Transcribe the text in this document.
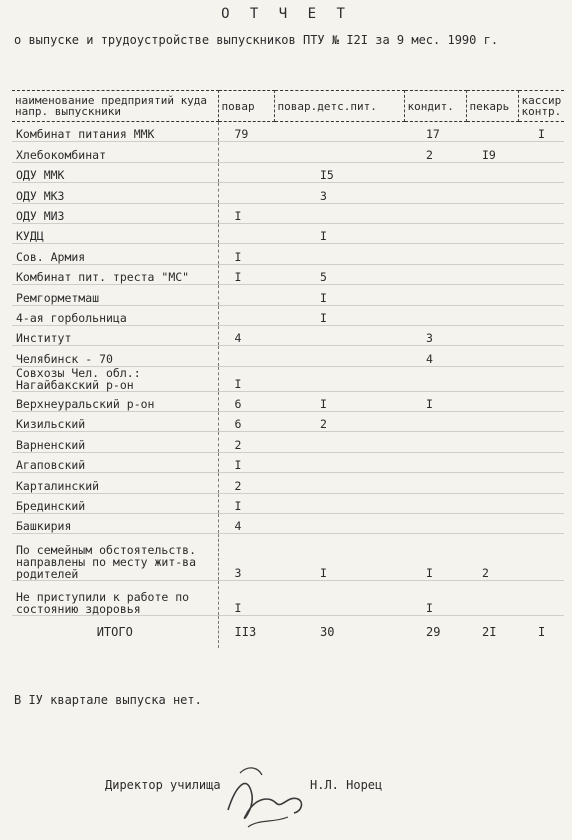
О Т Ч Е Т
о выпуске и трудоустройстве выпускников ПТУ № I2I за 9 мес. 1990 г.
наименование предприятий куда напр. выпускники	повар	повар.детс.пит.	кондит.	пекарь	кассир контр.
Комбинат питания ММК	79		17		I
Хлебокомбинат			2	I9	
ОДУ ММК		I5			
ОДУ МКЗ		3			
ОДУ МИЗ	I				
КУДЦ		I			
Сов. Армия	I				
Комбинат пит. треста "МС"	I	5			
Ремгорметмаш		I			
4-ая горбольница		I			
Институт	4		3		
Челябинск - 70			4		
Совхозы Чел. обл.: Нагайбакский р-он	I				
Верхнеуральский р-он	6	I	I		
Кизильский	6	2			
Варненский	2				
Агаповский	I				
Карталинский	2				
Брединский	I				
Башкирия	4				
По семейным обстоятельств. направлены по месту жит-ва родителей	3	I	I	2	
Не приступили к работе по состоянию здоровья	I		I		
ИТОГО	II3	30	29	2I	I
В IУ квартале выпуска нет.
Директор училища	Н.Л. Норец
